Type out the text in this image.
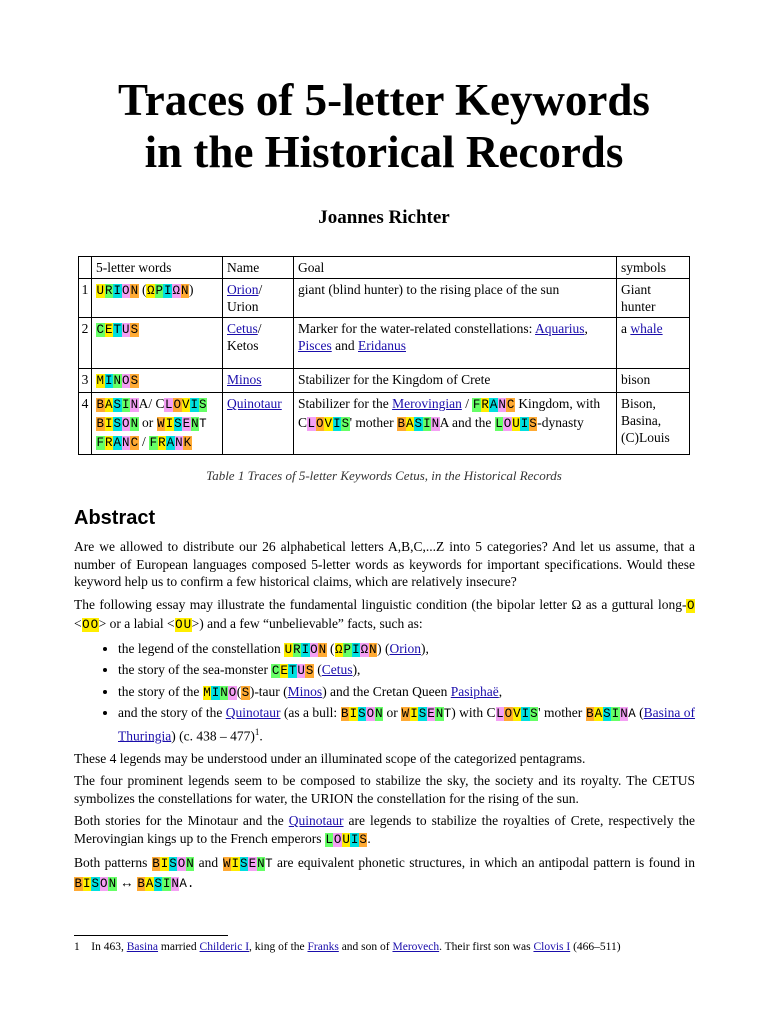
Traces of 5-letter Keywords
in the Historical Records
Joannes Richter
	5-letter words	Name	Goal	symbols
1	URION (ΩΡΙΩΝ)	Orion/ Urion	giant (blind hunter) to the rising place of the sun	Giant hunter
2	CETUS	Cetus/ Ketos	Marker for the water-related constellations: Aquarius, Pisces and Eridanus	a whale
3	MINOS	Minos	Stabilizer for the Kingdom of Crete	bison
4	BASINA/ CLOVIS
BISON or WISENT
FRANC / FRANK	Quinotaur	Stabilizer for the Merovingian / FRANC Kingdom, with CLOVIS' mother BASINA and the LOUIS-dynasty	Bison, Basina, (C)Louis
Table 1 Traces of 5-letter Keywords Cetus, in the Historical Records
Abstract

Are we allowed to distribute our 26 alphabetical letters A,B,C,...Z into 5 categories? And let us assume, that a number of European languages composed 5-letter words as keywords for important specifications. Would these keyword help us to confirm a few historical claims, which are relatively insecure?

The following essay may illustrate the fundamental linguistic condition (the bipolar letter Ω as a guttural long-O <OO> or a labial <OU>) and a few “unbelievable” facts, such as:

• the legend of the constellation URION (ΩΡΙΩΝ) (Orion),
• the story of the sea-monster CETUS (Cetus),
• the story of the MINO(S)-taur (Minos) and the Cretan Queen Pasiphaë,
• and the story of the Quinotaur (as a bull: BISON or WISENT) with CLOVIS' mother BASINA (Basina of Thuringia) (c. 438 – 477)$^1$.

These 4 legends may be understood under an illuminated scope of the categorized pentagrams.

The four prominent legends seem to be composed to stabilize the sky, the society and its royalty. The CETUS symbolizes the constellations for water, the URION the constellation for the rising of the sun.

Both stories for the Minotaur and the Quinotaur are legends to stabilize the royalties of Crete, respectively the Merovingian kings up to the French emperors LOUIS.

Both patterns BISON and WISENT are equivalent phonetic structures, in which an antipodal pattern is found in BISON ↔ BASINA.

1 In 463, Basina married Childeric I, king of the Franks and son of Merovech. Their first son was Clovis I (466–511)
